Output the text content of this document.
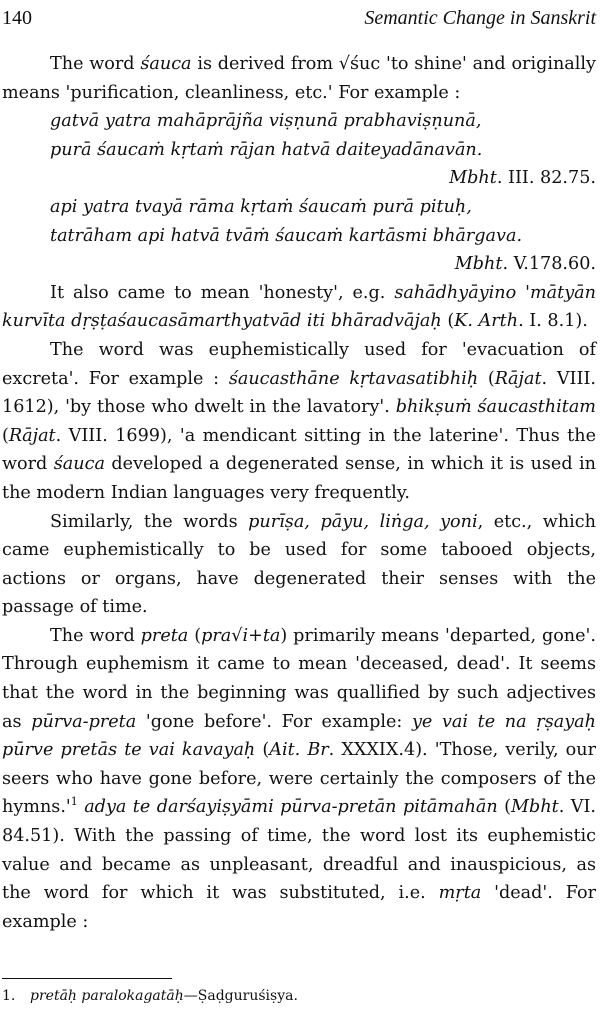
140	Semantic Change in Sanskrit

The word śauca is derived from √śuc 'to shine' and originally means 'purification, cleanliness, etc.' For example :

gatvā yatra mahāprājña viṣṇunā prabhaviṣṇunā,

purā śaucaṁ kṛtaṁ rājan hatvā daiteyadānavān.

Mbht. III. 82.75.

api yatra tvayā rāma kṛtaṁ śaucaṁ purā pituḥ,

tatrāham api hatvā tvāṁ śaucaṁ kartāsmi bhārgava.

Mbht. V.178.60.

It also came to mean 'honesty', e.g. sahādhyāyino 'mātyān kurvīta dṛṣṭaśaucasāmarthyatvād iti bhāradvājaḥ (K. Arth. I. 8.1).

The word was euphemistically used for 'evacuation of excreta'. For example : śaucasthāne kṛtavasatibhiḥ (Rājat. VIII. 1612), 'by those who dwelt in the lavatory'. bhikṣuṁ śaucasthitam (Rājat. VIII. 1699), 'a mendicant sitting in the laterine'. Thus the word śauca developed a degenerated sense, in which it is used in the modern Indian languages very frequently.

Similarly, the words purīṣa, pāyu, liṅga, yoni, etc., which came euphemistically to be used for some tabooed objects, actions or organs, have degenerated their senses with the passage of time.

The word preta (pra√i+ta) primarily means 'departed, gone'. Through euphemism it came to mean 'deceased, dead'. It seems that the word in the beginning was quallified by such adjectives as pūrva-preta 'gone before'. For example: ye vai te na ṛṣayaḥ pūrve pretās te vai kavayaḥ (Ait. Br. XXXIX.4). 'Those, verily, our seers who have gone before, were certainly the composers of the $hymns.'^1$ adya te darśayiṣyāmi pūrva-pretān pitāmahān (Mbht. VI. 84.51). With the passing of time, the word lost its euphemistic value and became as unpleasant, dreadful and inauspicious, as the word for which it was substituted, i.e. mṛta 'dead'. For example :

1. pretāḥ paralokagatāḥ—Ṣaḍguruśiṣya.
